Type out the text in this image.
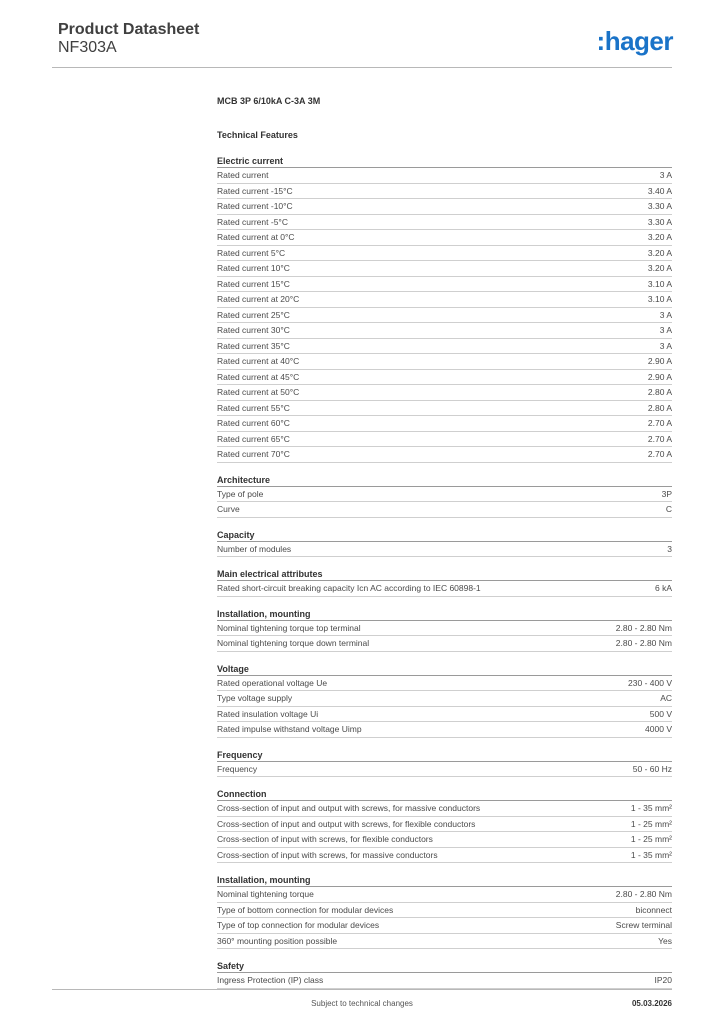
Product Datasheet
NF303A	:hager
MCB 3P 6/10kA C-3A 3M
Technical Features
Electric current
Rated current	3 A
Rated current -15°C	3.40 A
Rated current -10°C	3.30 A
Rated current -5°C	3.30 A
Rated current at 0°C	3.20 A
Rated current 5°C	3.20 A
Rated current 10°C	3.20 A
Rated current 15°C	3.10 A
Rated current at 20°C	3.10 A
Rated current 25°C	3 A
Rated current 30°C	3 A
Rated current 35°C	3 A
Rated current at 40°C	2.90 A
Rated current at 45°C	2.90 A
Rated current at 50°C	2.80 A
Rated current 55°C	2.80 A
Rated current 60°C	2.70 A
Rated current 65°C	2.70 A
Rated current 70°C	2.70 A
Architecture
Type of pole	3P
Curve	C
Capacity
Number of modules	3
Main electrical attributes
Rated short-circuit breaking capacity Icn AC according to IEC 60898-1	6 kA
Installation, mounting
Nominal tightening torque top terminal	2.80 - 2.80 Nm
Nominal tightening torque down terminal	2.80 - 2.80 Nm
Voltage
Rated operational voltage Ue	230 - 400 V
Type voltage supply	AC
Rated insulation voltage Ui	500 V
Rated impulse withstand voltage Uimp	4000 V
Frequency
Frequency	50 - 60 Hz
Connection
Cross-section of input and output with screws, for massive conductors	1 - 35 mm²
Cross-section of input and output with screws, for flexible conductors	1 - 25 mm²
Cross-section of input with screws, for flexible conductors	1 - 25 mm²
Cross-section of input with screws, for massive conductors	1 - 35 mm²
Installation, mounting
Nominal tightening torque	2.80 - 2.80 Nm
Type of bottom connection for modular devices	biconnect
Type of top connection for modular devices	Screw terminal
360° mounting position possible	Yes
Safety
Ingress Protection (IP) class	IP20
Subject to technical changes	05.03.2026
